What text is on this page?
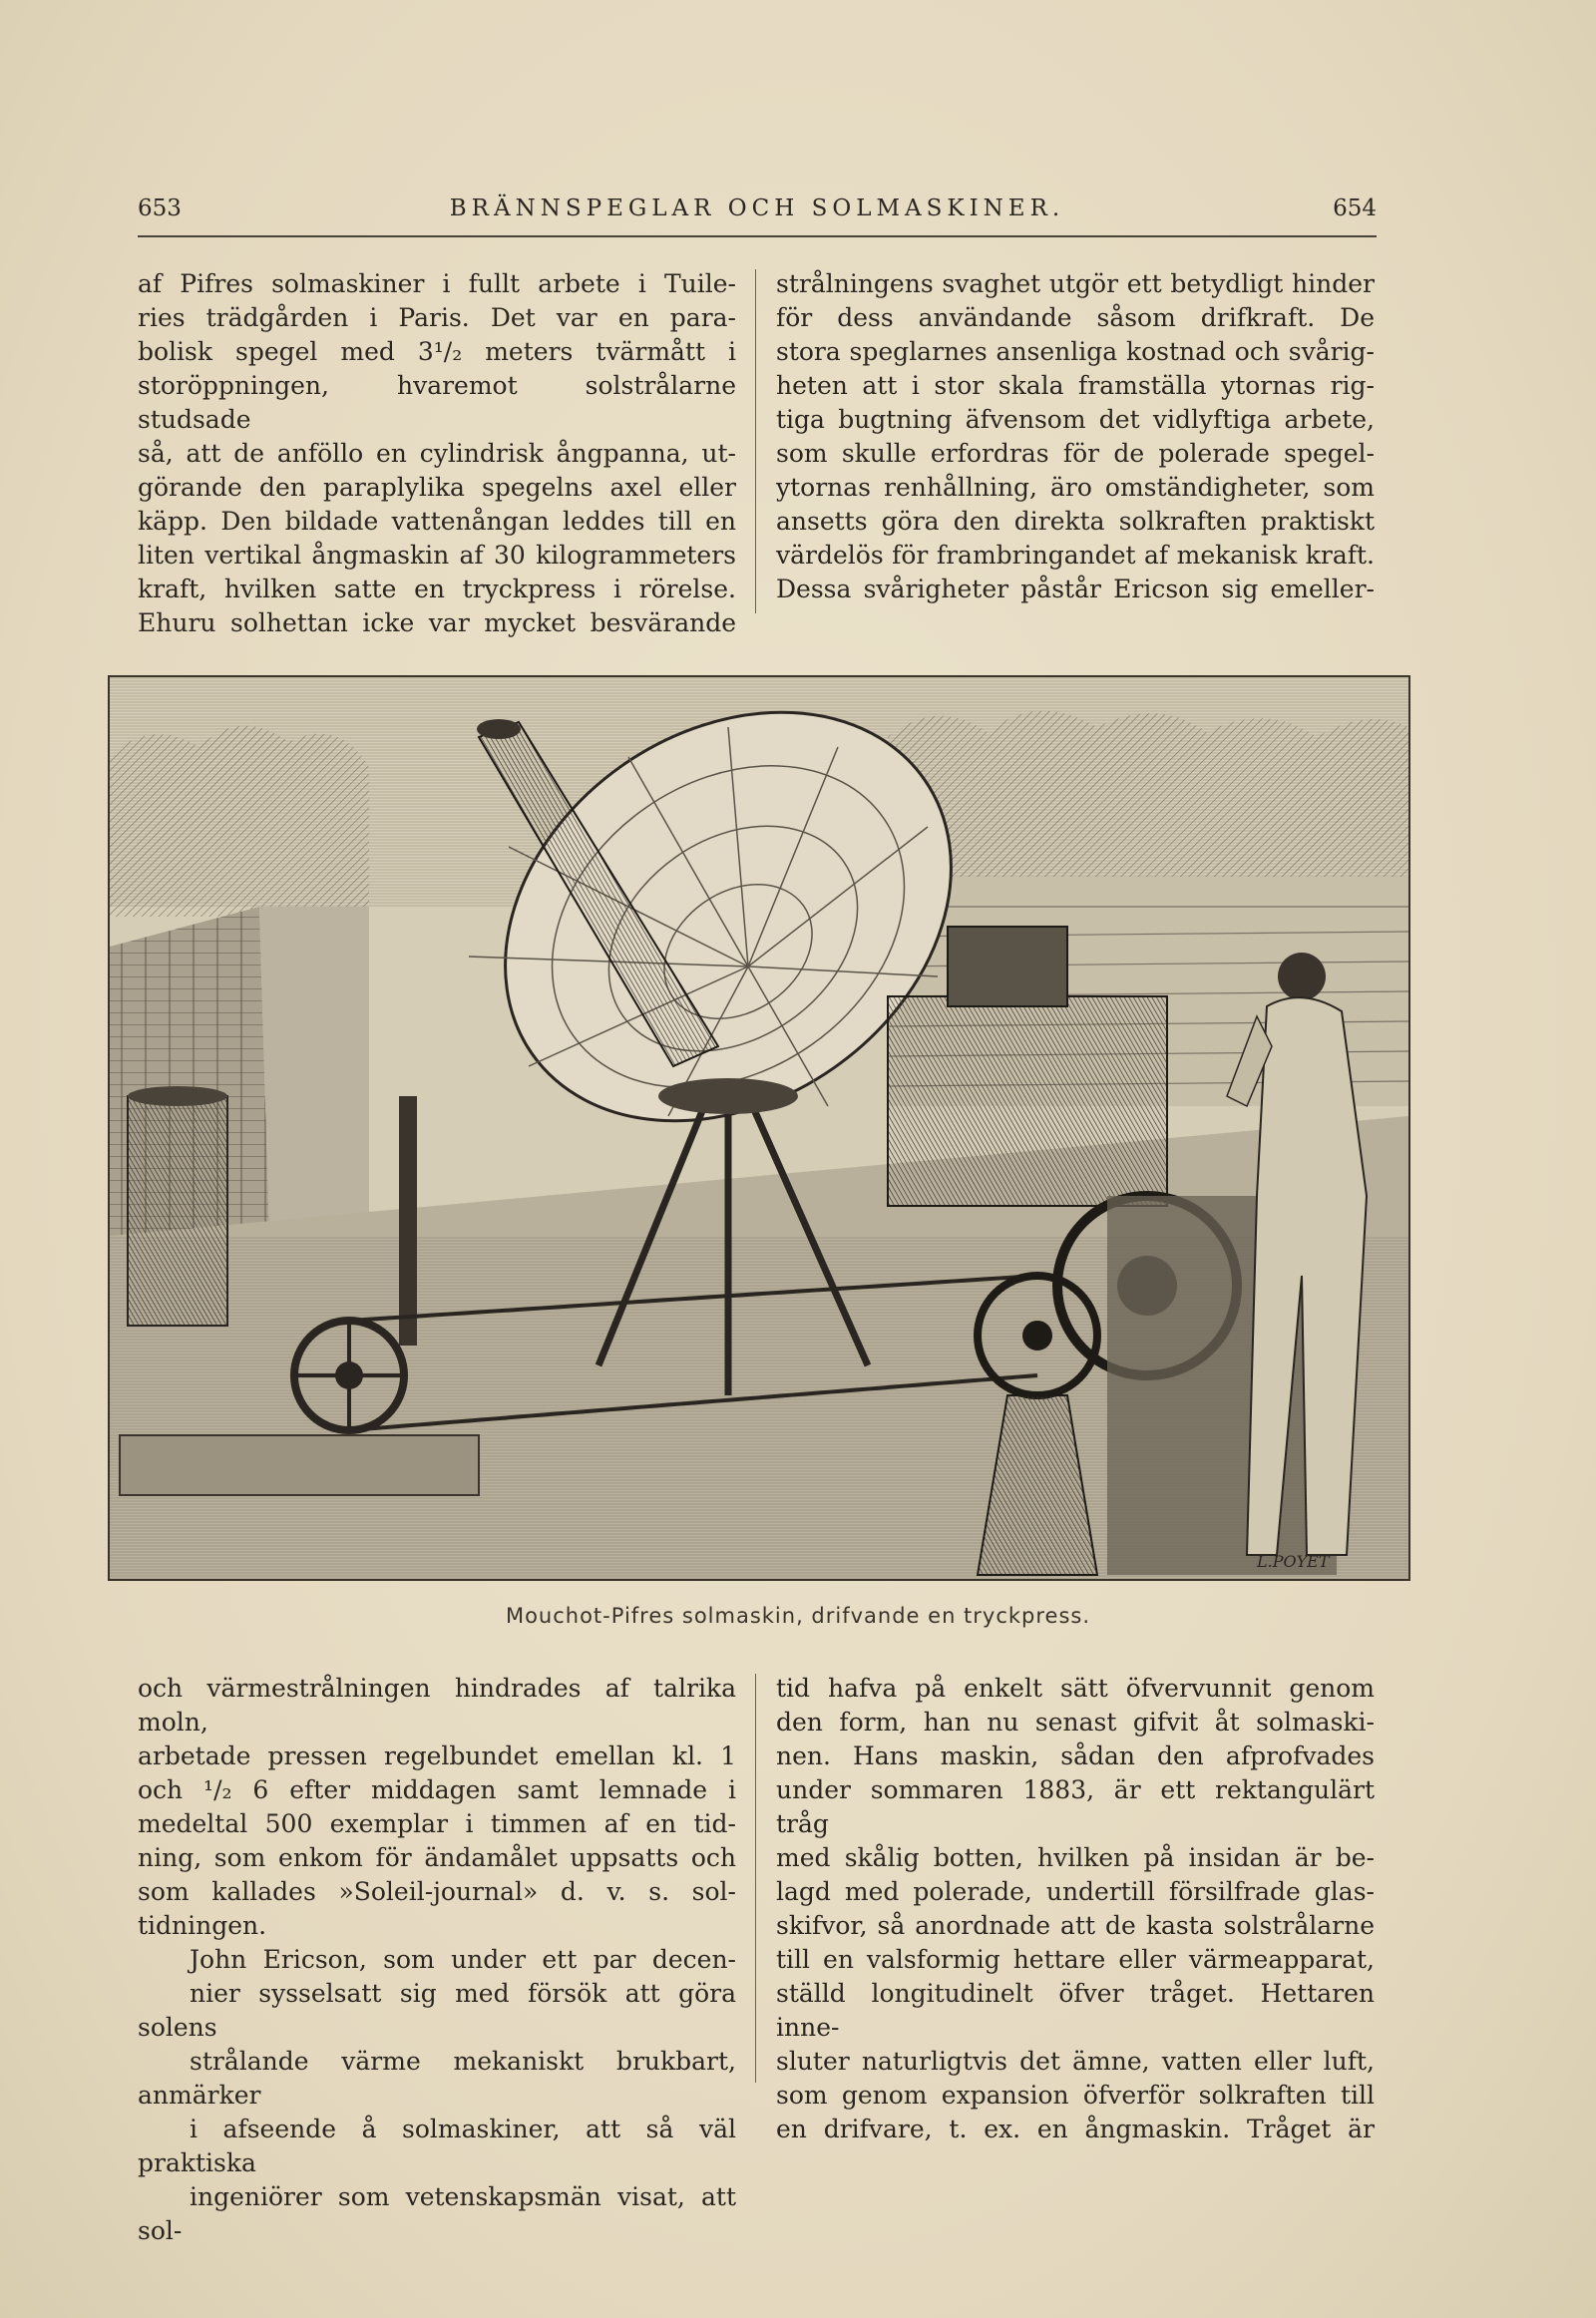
653	BRÄNNSPEGLAR OCH SOLMASKINER.	654

af Pifres solmaskiner i fullt arbete i Tuile-
ries trädgården i Paris. Det var en para-
bolisk spegel med 3¹/₂ meters tvärmått i
storöppningen, hvaremot solstrålarne studsade
så, att de anföllo en cylindrisk ångpanna, ut-
görande den paraplylika spegelns axel eller
käpp. Den bildade vattenångan leddes till en
liten vertikal ångmaskin af 30 kilogrammeters
kraft, hvilken satte en tryckpress i rörelse.
Ehuru solhettan icke var mycket besvärande

strålningens svaghet utgör ett betydligt hinder
för dess användande såsom drifkraft. De
stora speglarnes ansenliga kostnad och svårig-
heten att i stor skala framställa ytornas rig-
tiga bugtning äfvensom det vidlyftiga arbete,
som skulle erfordras för de polerade spegel-
ytornas renhållning, äro omständigheter, som
ansetts göra den direkta solkraften praktiskt
värdelös för frambringandet af mekanisk kraft.
Dessa svårigheter påstår Ericson sig emeller-

L.POYET
Mouchot-Pifres solmaskin, drifvande en tryckpress.

och värmestrålningen hindrades af talrika moln,
arbetade pressen regelbundet emellan kl. 1
och ¹/₂ 6 efter middagen samt lemnade i
medeltal 500 exemplar i timmen af en tid-
ning, som enkom för ändamålet uppsatts och
som kallades »Soleil-journal» d. v. s. sol-
tidningen.

John Ericson, som under ett par decen-
nier sysselsatt sig med försök att göra solens
strålande värme mekaniskt brukbart, anmärker
i afseende å solmaskiner, att så väl praktiska
ingeniörer som vetenskapsmän visat, att sol-

tid hafva på enkelt sätt öfvervunnit genom
den form, han nu senast gifvit åt solmaski-
nen. Hans maskin, sådan den afprofvades
under sommaren 1883, är ett rektangulärt tråg
med skålig botten, hvilken på insidan är be-
lagd med polerade, undertill försilfrade glas-
skifvor, så anordnade att de kasta solstrålarne
till en valsformig hettare eller värmeapparat,
ställd longitudinelt öfver tråget. Hettaren inne-
sluter naturligtvis det ämne, vatten eller luft,
som genom expansion öfverför solkraften till
en drifvare, t. ex. en ångmaskin. Tråget är
